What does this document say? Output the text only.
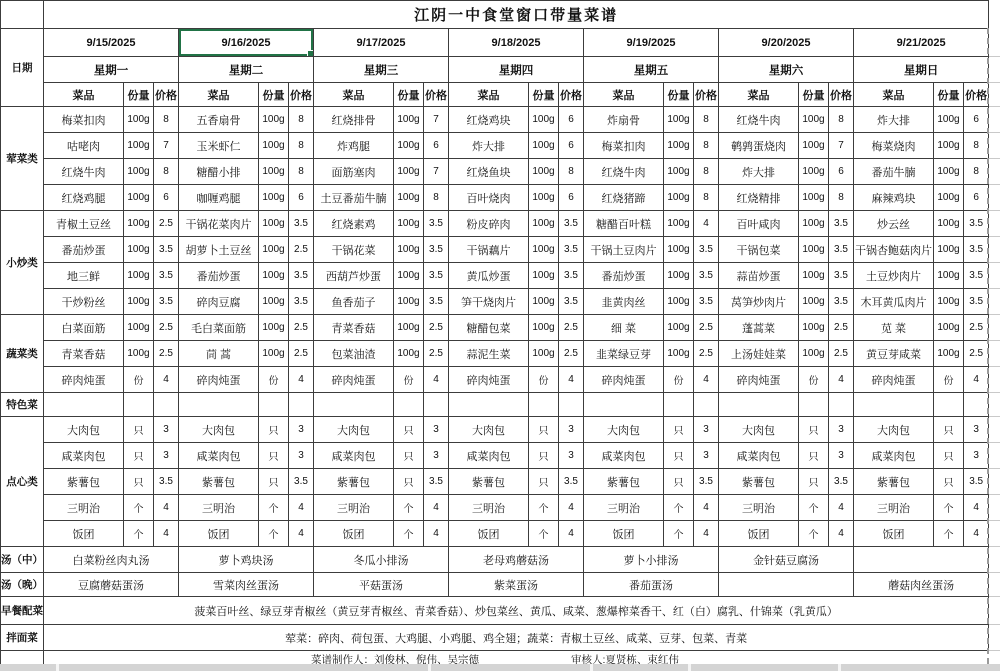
	江阴一中食堂窗口带量菜谱																					
日期	9/15/2025			9/16/2025			9/17/2025			9/18/2025			9/19/2025			9/20/2025			9/21/2025			
	星期一			星期二			星期三			星期四			星期五			星期六			星期日			
	菜品	份量	价格	菜品	份量	价格	菜品	份量	价格	菜品	份量	价格	菜品	份量	价格	菜品	份量	价格	菜品	份量	价格	
荤菜类	梅菜扣肉	100g	8	五香扇骨	100g	8	红烧排骨	100g	7	红烧鸡块	100g	6	炸扇骨	100g	8	红烧牛肉	100g	8	炸大排	100g	6	
	咕咾肉	100g	7	玉米虾仁	100g	8	炸鸡腿	100g	6	炸大排	100g	6	梅菜扣肉	100g	8	鹌鹑蛋烧肉	100g	7	梅菜烧肉	100g	8	
	红烧牛肉	100g	8	糖醋小排	100g	8	面筋塞肉	100g	7	红烧鱼块	100g	8	红烧牛肉	100g	8	炸大排	100g	6	番茄牛腩	100g	8	
	红烧鸡腿	100g	6	咖喱鸡腿	100g	6	土豆番茄牛腩	100g	8	百叶烧肉	100g	6	红烧猪蹄	100g	8	红烧精排	100g	8	麻辣鸡块	100g	6	
小炒类	青椒土豆丝	100g	2.5	干锅花菜肉片	100g	3.5	红烧素鸡	100g	3.5	粉皮碎肉	100g	3.5	糖醋百叶糕	100g	4	百叶咸肉	100g	3.5	炒云丝	100g	3.5	
	番茄炒蛋	100g	3.5	胡萝卜土豆丝	100g	2.5	干锅花菜	100g	3.5	干锅藕片	100g	3.5	干锅土豆肉片	100g	3.5	干锅包菜	100g	3.5	干锅杏鲍菇肉片	100g	3.5	
	地三鲜	100g	3.5	番茄炒蛋	100g	3.5	西葫芦炒蛋	100g	3.5	黄瓜炒蛋	100g	3.5	番茄炒蛋	100g	3.5	蒜苗炒蛋	100g	3.5	土豆炒肉片	100g	3.5	
	干炒粉丝	100g	3.5	碎肉豆腐	100g	3.5	鱼香茄子	100g	3.5	笋干烧肉片	100g	3.5	韭黄肉丝	100g	3.5	莴笋炒肉片	100g	3.5	木耳黄瓜肉片	100g	3.5	
蔬菜类	白菜面筋	100g	2.5	毛白菜面筋	100g	2.5	青菜香菇	100g	2.5	糖醋包菜	100g	2.5	细 菜	100g	2.5	蓬蒿菜	100g	2.5	苋 菜	100g	2.5	
	青菜香菇	100g	2.5	茼 蒿	100g	2.5	包菜油渣	100g	2.5	蒜泥生菜	100g	2.5	韭菜绿豆芽	100g	2.5	上汤娃娃菜	100g	2.5	黄豆芽咸菜	100g	2.5	
	碎肉炖蛋	份	4	碎肉炖蛋	份	4	碎肉炖蛋	份	4	碎肉炖蛋	份	4	碎肉炖蛋	份	4	碎肉炖蛋	份	4	碎肉炖蛋	份	4	
特色菜																						
点心类	大肉包	只	3	大肉包	只	3	大肉包	只	3	大肉包	只	3	大肉包	只	3	大肉包	只	3	大肉包	只	3	
	咸菜肉包	只	3	咸菜肉包	只	3	咸菜肉包	只	3	咸菜肉包	只	3	咸菜肉包	只	3	咸菜肉包	只	3	咸菜肉包	只	3	
	紫薯包	只	3.5	紫薯包	只	3.5	紫薯包	只	3.5	紫薯包	只	3.5	紫薯包	只	3.5	紫薯包	只	3.5	紫薯包	只	3.5	
	三明治	个	4	三明治	个	4	三明治	个	4	三明治	个	4	三明治	个	4	三明治	个	4	三明治	个	4	
	饭团	个	4	饭团	个	4	饭团	个	4	饭团	个	4	饭团	个	4	饭团	个	4	饭团	个	4	
汤（中）	白菜粉丝肉丸汤			萝卜鸡块汤			冬瓜小排汤			老母鸡蘑菇汤			萝卜小排汤			金针菇豆腐汤						
汤（晚）	豆腐蘑菇蛋汤			雪菜肉丝蛋汤			平菇蛋汤			紫菜蛋汤			番茄蛋汤						蘑菇肉丝蛋汤			
早餐配菜	菠菜百叶丝、绿豆芽青椒丝（黄豆芽青椒丝、青菜香菇）、炒包菜丝、黄瓜、咸菜、葱爆榨菜香干、红（白）腐乳、什锦菜（乳黄瓜）																					
拌面菜	荤菜：碎肉、荷包蛋、大鸡腿、小鸡腿、鸡全翅；蔬菜：青椒土豆丝、咸菜、豆芽、包菜、青菜																					

	菜谱制作人：刘俊林、倪伟、吴宗德 审核人:夏贤栋、束红伟																					
